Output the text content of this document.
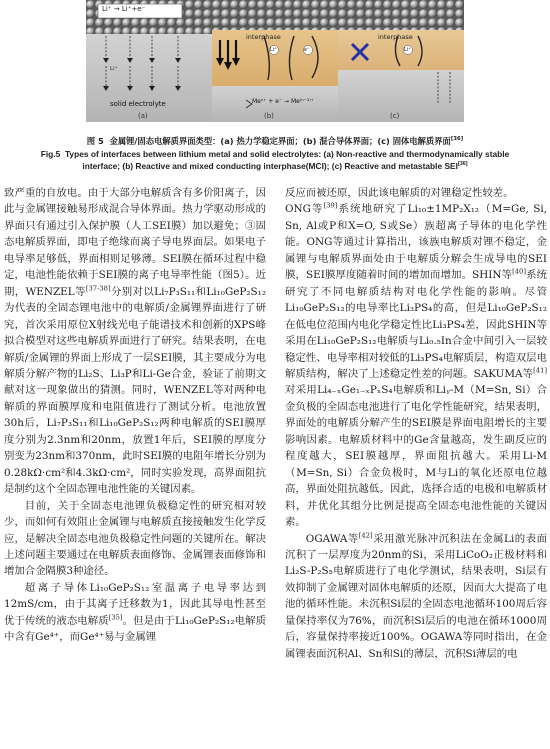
Li⁺ → Li⁺+e⁻
Li⁺
solid electrolyte
(a)
interphase
Li⁺	e⁻
Meⁿ⁺ + e⁻ → Me⁽ⁿ⁻¹⁾⁺
(b)
interphase
Li⁺
(c)
图 5 金属锂/固态电解质界面类型：(a) 热力学稳定界面；(b) 混合导体界面；(c) 固体电解质界面[36]
Fig.5 Types of interfaces between lithium metal and solid electrolytes: (a) Non-reactive and thermodynamically stable interface; (b) Reactive and mixed conducting interphase(MCI); (c) Reactive and metastable SEI[36]

致严重的自放电。由于大部分电解质含有多价阳离子，因此与金属锂接触易形成混合导体界面。热力学驱动形成的界面只有通过引入保护膜（人工SEI膜）加以避免；③固态电解质界面，即电子绝缘而离子导电界面层。如果电子电导率足够低，界面相则足够薄。SEI膜在循环过程中稳定，电池性能依赖于SEI膜的离子电导率性能（图5）。近期，WENZEL等[37-38]分别对以Li₇P₃S₁₁和Li₁₀GeP₂S₁₂为代表的全固态锂电池中的电解质/金属锂界面进行了研究，首次采用原位X射线光电子能谱技术和创新的XPS峰拟合模型对这些电解质界面进行了研究。结果表明，在电解质/金属锂的界面上形成了一层SEI膜，其主要成分为电解质分解产物的Li₂S、Li₃P和Li-Ge合金，验证了前期文献对这一现象做出的猜测。同时，WENZEL等对两种电解质的界面膜厚度和电阻值进行了测试分析。电池放置30h后，Li₇P₃S₁₁和Li₁₀GeP₂S₁₂两种电解质的SEI膜厚度分别为2.3nm和20nm，放置1年后，SEI膜的厚度分别变为23nm和370nm，此时SEI膜的电阻年增长分别为0.28kΩ·cm²和4.3kΩ·cm²，同时实验发现，高界面阻抗是制约这个全固态锂电池性能的关键因素。

目前，关于全固态电池锂负极稳定性的研究相对较少，而如何有效阻止金属锂与电解质直接接触发生化学反应，是解决全固态电池负极稳定性问题的关键所在。解决上述问题主要通过在电解质表面修饰、金属锂表面修饰和增加合金隔膜3种途径。

超离子导体Li₁₀GeP₂S₁₂室温离子电导率达到12mS/cm，由于其离子迁移数为1，因此其导电性甚至优于传统的液态电解质[35]。但是由于Li₁₀GeP₂S₁₂电解质中含有Ge⁴⁺，而Ge⁴⁺易与金属锂

反应而被还原，因此该电解质的对锂稳定性较差。

ONG等[39]系统地研究了Li₁₀±1MP₂X₁₂（M=Ge, Si, Sn, Al或P和X=O, S或Se）族超离子导体的电化学性能。ONG等通过计算指出，该族电解质对锂不稳定，金属锂与电解质界面处由于电解质分解会生成导电的SEI膜，SEI膜厚度随着时间的增加而增加。SHIN等[40]系统研究了不同电解质结构对电化学性能的影响。尽管Li₁₀GeP₂S₁₂的电导率比Li₃PS₄的高，但是Li₁₀GeP₂S₁₂在低电位范围内电化学稳定性比Li₃PS₄差，因此SHIN等采用在Li₁₀GeP₂S₁₂电解质与Li₀.₅In合金中间引入一层较稳定性、电导率相对较低的Li₃PS₄电解质层，构造双层电解质结构，解决了上述稳定性差的问题。SAKUMA等[41]对采用Li₄₋ₓGe₁₋ₓPₓS₄电解质和Liᵧ-M（M=Sn, Si）合金负极的全固态电池进行了电化学性能研究，结果表明，界面处的电解质分解产生的SEI膜是界面电阻增长的主要影响因素。电解质材料中的Ge含量越高，发生副反应的程度越大，SEI膜越厚，界面阻抗越大。采用Li-M（M=Sn, Si）合金负极时，M与Li的氧化还原电位越高，界面处阻抗越低。因此，选择合适的电极和电解质材料，并优化其组分比例是提高全固态电池性能的关键因素。

OGAWA等[42]采用激光脉冲沉积法在金属Li的表面沉积了一层厚度为20nm的Si，采用LiCoO₂正极材料和Li₂S-P₂S₅电解质进行了电化学测试，结果表明，Si层有效抑制了金属锂对固体电解质的还原，因而大大提高了电池的循环性能。未沉积Si层的全固态电池循环100周后容量保持率仅为76%，而沉积Si层后的电池在循环1000周后，容量保持率接近100%。OGAWA等同时指出，在金属锂表面沉积Al、Sn和Si的薄层，沉积Si薄层的电
